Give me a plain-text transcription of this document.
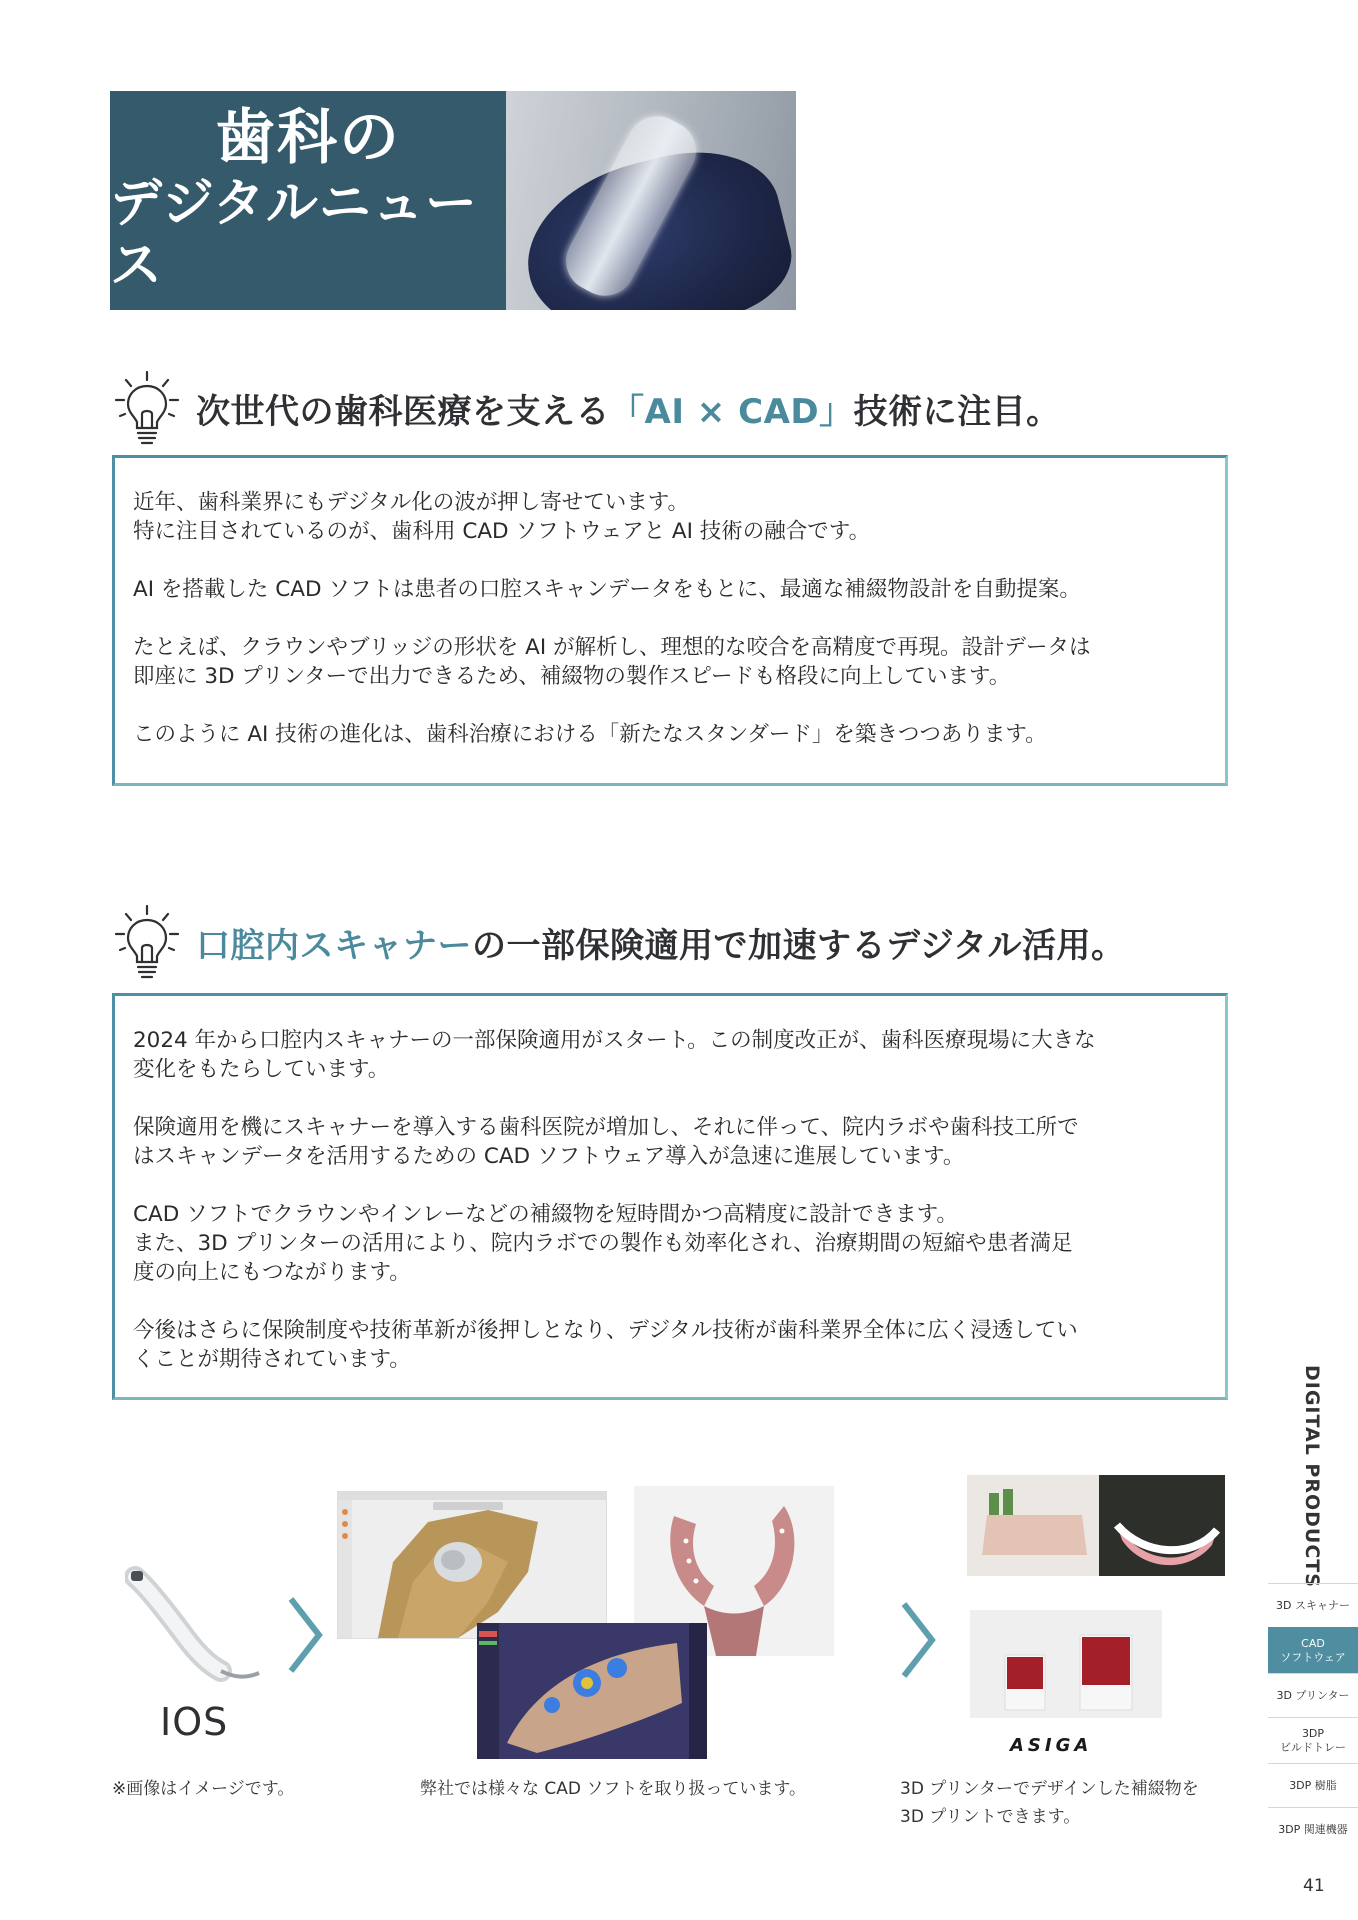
歯科の
デジタルニュース
次世代の歯科医療を支える「AI × CAD」技術に注目。

近年、歯科業界にもデジタル化の波が押し寄せています。
特に注目されているのが、歯科用 CAD ソフトウェアと AI 技術の融合です。

AI を搭載した CAD ソフトは患者の口腔スキャンデータをもとに、最適な補綴物設計を自動提案。

たとえば、クラウンやブリッジの形状を AI が解析し、理想的な咬合を高精度で再現。設計データは
即座に 3D プリンターで出力できるため、補綴物の製作スピードも格段に向上しています。

このように AI 技術の進化は、歯科治療における「新たなスタンダード」を築きつつあります。

口腔内スキャナーの一部保険適用で加速するデジタル活用。

2024 年から口腔内スキャナーの一部保険適用がスタート。この制度改正が、歯科医療現場に大きな
変化をもたらしています。

保険適用を機にスキャナーを導入する歯科医院が増加し、それに伴って、院内ラボや歯科技工所で
はスキャンデータを活用するための CAD ソフトウェア導入が急速に進展しています。

CAD ソフトでクラウンやインレーなどの補綴物を短時間かつ高精度に設計できます。
また、3D プリンターの活用により、院内ラボでの製作も効率化され、治療期間の短縮や患者満足
度の向上にもつながります。

今後はさらに保険制度や技術革新が後押しとなり、デジタル技術が歯科業界全体に広く浸透してい
くことが期待されています。

IOS
ASIGA
※画像はイメージです。	弊社では様々な CAD ソフトを取り扱っています。	3D プリンターでデザインした補綴物を
3D プリントできます。
DIGITAL PRODUCTS
3D スキャナー
CAD
ソフトウェア
3D プリンター
3DP
ビルドトレー
3DP 樹脂
3DP 関連機器
41
